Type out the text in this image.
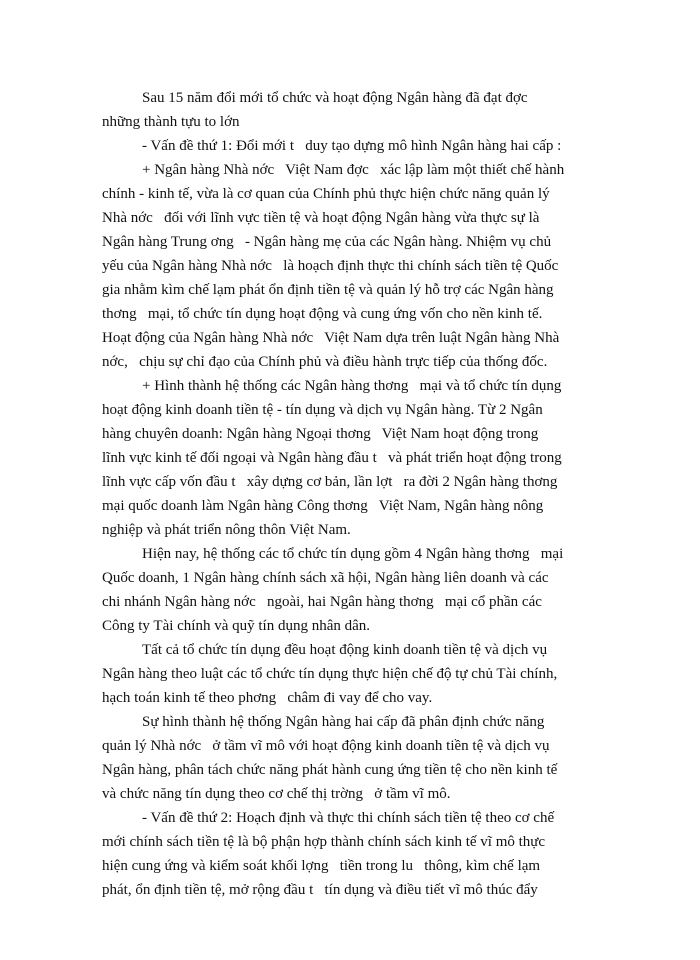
Sau 15 năm đổi mới tổ chức và hoạt động Ngân hàng đã đạt đợc
những thành tựu to lớn
- Vấn đề thứ 1: Đổi mới t   duy tạo dựng mô hình Ngân hàng hai cấp :
+ Ngân hàng Nhà nớc   Việt Nam đợc   xác lập làm một thiết chế hành
chính - kinh tế, vừa là cơ quan của Chính phủ thực hiện chức năng quản lý
Nhà nớc   đối với lĩnh vực tiền tệ và hoạt động Ngân hàng vừa thực sự là
Ngân hàng Trung ơng   - Ngân hàng mẹ của các Ngân hàng. Nhiệm vụ chủ
yếu của Ngân hàng Nhà nớc   là hoạch định thực thi chính sách tiền tệ Quốc
gia nhằm kìm chế lạm phát ổn định tiền tệ và quản lý hỗ trợ các Ngân hàng
thơng   mại, tổ chức tín dụng hoạt động và cung ứng vốn cho nền kinh tế.
Hoạt động của Ngân hàng Nhà nớc   Việt Nam dựa trên luật Ngân hàng Nhà
nớc,   chịu sự chỉ đạo của Chính phủ và điều hành trực tiếp của thống đốc.
+ Hình thành hệ thống các Ngân hàng thơng   mại và tổ chức tín dụng
hoạt động kinh doanh tiền tệ - tín dụng và dịch vụ Ngân hàng. Từ 2 Ngân
hàng chuyên doanh: Ngân hàng Ngoại thơng   Việt Nam hoạt động trong
lĩnh vực kinh tế đối ngoại và Ngân hàng đầu t   và phát triển hoạt động trong
lĩnh vực cấp vốn đầu t   xây dựng cơ bản, lần lợt   ra đời 2 Ngân hàng thơng
mại quốc doanh làm Ngân hàng Công thơng   Việt Nam, Ngân hàng nông
nghiệp và phát triển nông thôn Việt Nam.
Hiện nay, hệ thống các tổ chức tín dụng gồm 4 Ngân hàng thơng   mại
Quốc doanh, 1 Ngân hàng chính sách xã hội, Ngân hàng liên doanh và các
chi nhánh Ngân hàng nớc   ngoài, hai Ngân hàng thơng   mại cổ phần các
Công ty Tài chính và quỹ tín dụng nhân dân.
Tất cả tổ chức tín dụng đều hoạt động kinh doanh tiền tệ và dịch vụ
Ngân hàng theo luật các tổ chức tín dụng thực hiện chế độ tự chủ Tài chính,
hạch toán kinh tế theo phơng   châm đi vay để cho vay.
Sự hình thành hệ thống Ngân hàng hai cấp đã phân định chức năng
quản lý Nhà nớc   ở tầm vĩ mô với hoạt động kinh doanh tiền tệ và dịch vụ
Ngân hàng, phân tách chức năng phát hành cung ứng tiền tệ cho nền kinh tế
và chức năng tín dụng theo cơ chế thị trờng   ở tầm vĩ mô.
- Vấn đề thứ 2: Hoạch định và thực thi chính sách tiền tệ theo cơ chế
mới chính sách tiền tệ là bộ phận hợp thành chính sách kinh tế vĩ mô thực
hiện cung ứng và kiểm soát khối lợng   tiền trong lu   thông, kìm chế lạm
phát, ổn định tiền tệ, mở rộng đầu t   tín dụng và điều tiết vĩ mô thúc đẩy
